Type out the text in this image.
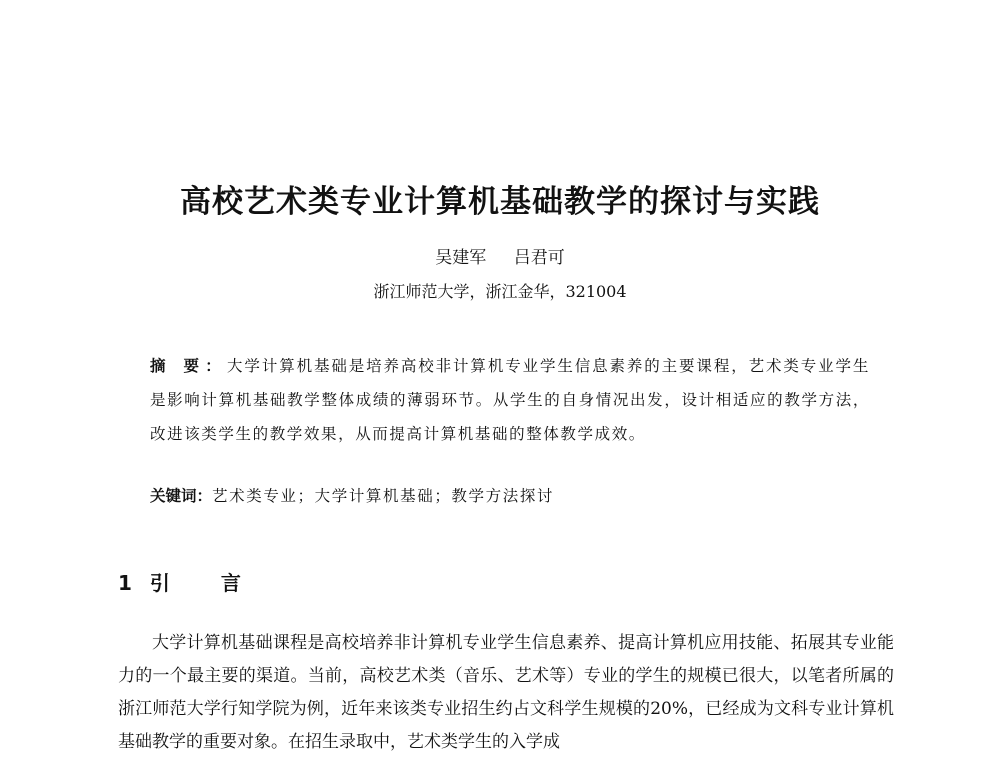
高校艺术类专业计算机基础教学的探讨与实践
吴建军 吕君可
浙江师范大学，浙江金华，321004
摘 要：大学计算机基础是培养高校非计算机专业学生信息素养的主要课程，艺术类专业学生是影响计算机基础教学整体成绩的薄弱环节。从学生的自身情况出发，设计相适应的教学方法，改进该类学生的教学效果，从而提高计算机基础的整体教学成效。
关键词：艺术类专业；大学计算机基础；教学方法探讨
1 引 言

大学计算机基础课程是高校培养非计算机专业学生信息素养、提高计算机应用技能、拓展其专业能力的一个最主要的渠道。当前，高校艺术类（音乐、艺术等）专业的学生的规模已很大，以笔者所属的浙江师范大学行知学院为例，近年来该类专业招生约占文科学生规模的20%，已经成为文科专业计算机基础教学的重要对象。在招生录取中，艺术类学生的入学成
